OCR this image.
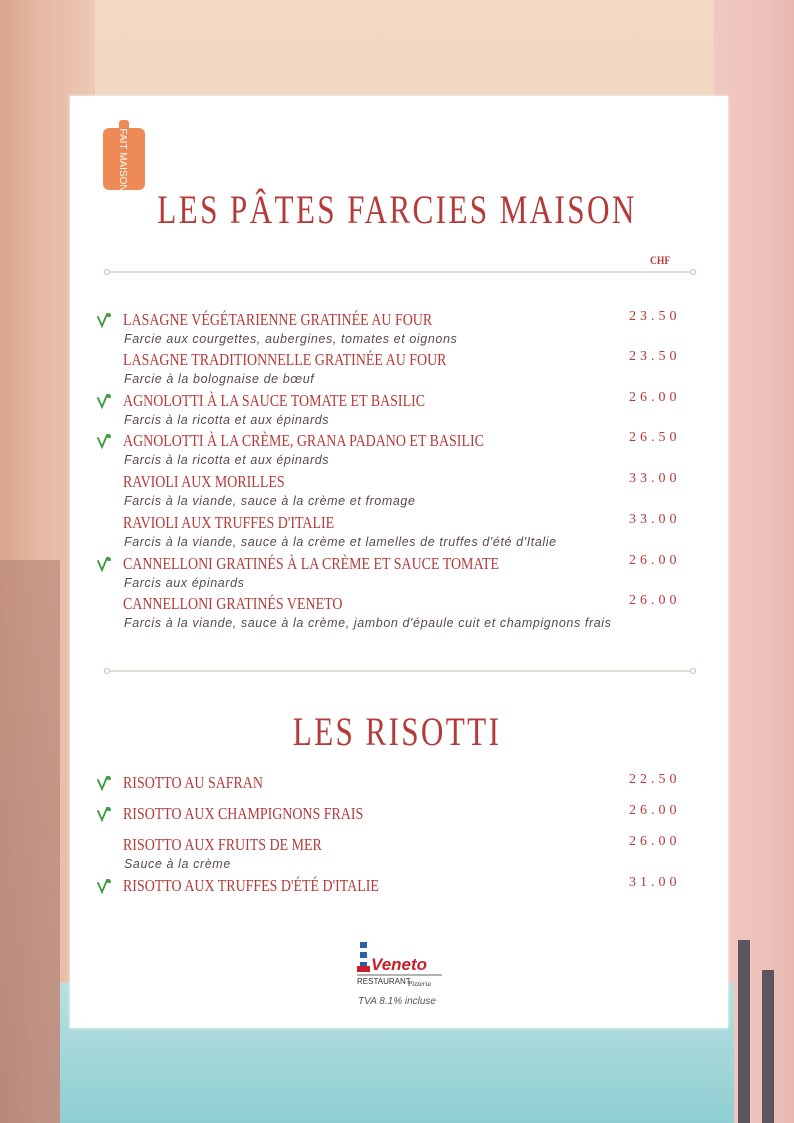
FAIT MAISON
LES PÂTES FARCIES MAISON
CHF
LASAGNE VÉGÉTARIENNE GRATINÉE AU FOUR	23.50
Farcie aux courgettes, aubergines, tomates et oignons
LASAGNE TRADITIONNELLE GRATINÉE AU FOUR	23.50
Farcie à la bolognaise de bœuf
AGNOLOTTI À LA SAUCE TOMATE ET BASILIC	26.00
Farcis à la ricotta et aux épinards
AGNOLOTTI À LA CRÈME, GRANA PADANO ET BASILIC	26.50
Farcis à la ricotta et aux épinards
RAVIOLI AUX MORILLES	33.00
Farcis à la viande, sauce à la crème et fromage
RAVIOLI AUX TRUFFES D'ITALIE	33.00
Farcis à la viande, sauce à la crème et lamelles de truffes d'été d'Italie
CANNELLONI GRATINÉS À LA CRÈME ET SAUCE TOMATE	26.00
Farcis aux épinards
CANNELLONI GRATINÉS VENETO	26.00
Farcis à la viande, sauce à la crème, jambon d'épaule cuit et champignons frais
LES RISOTTI
RISOTTO AU SAFRAN	22.50
RISOTTO AUX CHAMPIGNONS FRAIS	26.00
RISOTTO AUX FRUITS DE MER	26.00
Sauce à la crème
RISOTTO AUX TRUFFES D'ÉTÉ D'ITALIE	31.00
Veneto
RESTAURANT
Pizzeria
TVA 8.1% incluse
